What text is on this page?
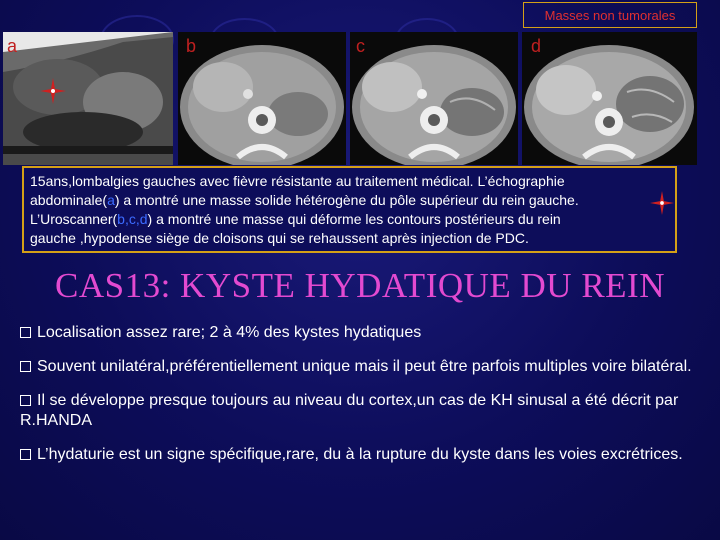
Masses non tumorales
a	b	c	d
15ans,lombalgies gauches avec fièvre résistante au traitement médical. L’échographie
abdominale(a) a montré une masse solide hétérogène du pôle supérieur du rein gauche.
L’Uroscanner(b,c,d) a montré une masse qui déforme les contours postérieurs du rein
gauche ,hypodense siège de cloisons qui se rehaussent après injection de PDC.
CAS13: KYSTE HYDATIQUE DU REIN
Localisation assez rare; 2 à 4% des kystes hydatiques
Souvent unilatéral,préférentiellement unique mais il peut être parfois multiples voire bilatéral.
Il se développe presque toujours au niveau du cortex,un cas de KH sinusal a été décrit par R.HANDA
L’hydaturie est un signe spécifique,rare, du à la rupture du kyste dans les voies excrétrices.
